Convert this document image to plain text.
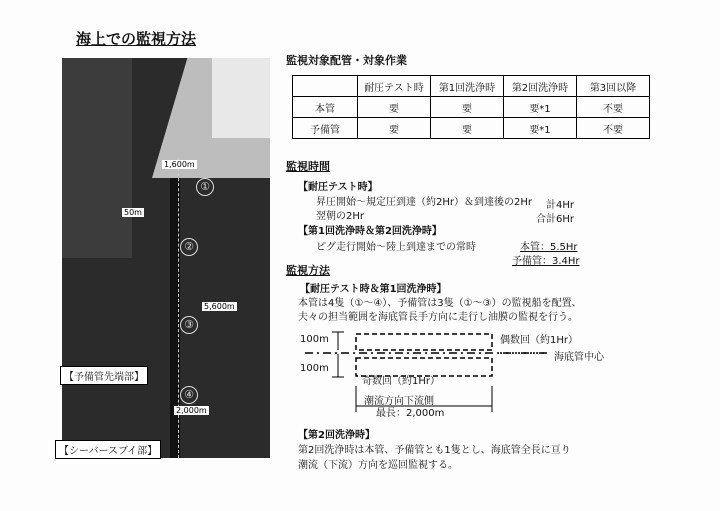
海上での監視方法
①
②
③
④
1,600m
50m
5,600m
2,000m
【予備管先端部】
【シーバースブイ部】
監視対象配管・対象作業
	耐圧テスト時	第1回洗浄時	第2回洗浄時	第3回以降
本管	要	要	要*1	不要
予備管	要	要	要*1	不要
監視時間
【耐圧テスト時】
昇圧開始～規定圧到達（約2Hr）＆到達後の2Hr 計4Hr
翌朝の2Hr	合計6Hr
【第1回洗浄時＆第2回洗浄時】
ピグ走行開始～陸上到達までの常時	本管：5.5Hr
予備管：3.4Hr
監視方法
【耐圧テスト時＆第1回洗浄時】
本管は4隻（①～④）、予備管は3隻（①～③）の監視船を配置、
夫々の担当範囲を海底管長手方向に走行し油膜の監視を行う。
100m
100m
偶数回（約1Hr）
海底管中心
奇数回（約1Hr）
潮流方向下流側
最長：2,000m
【第2回洗浄時】
第2回洗浄時は本管、予備管とも1隻とし、海底管全長に亘り
潮流（下流）方向を巡回監視する。
